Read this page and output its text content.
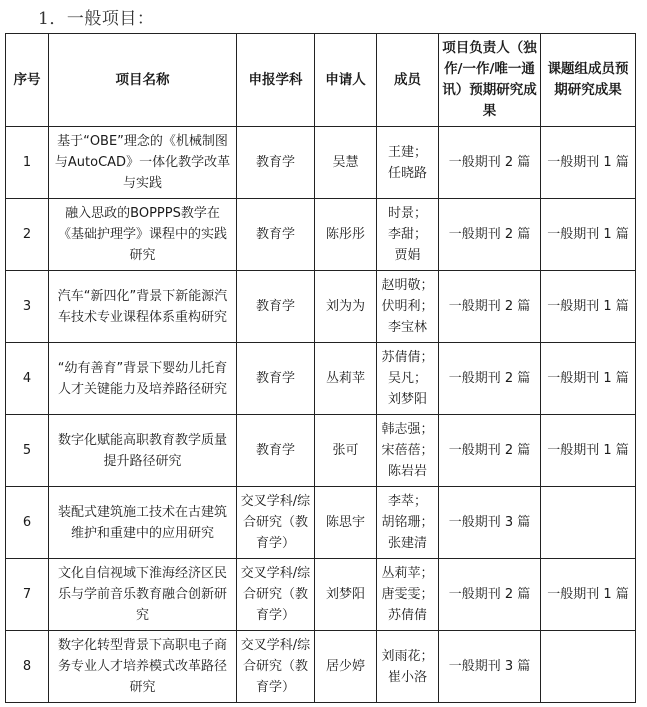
1．一般项目：
序号	项目名称	申报学科	申请人	成员	项目负责人（独作/一作/唯一通讯）预期研究成果	课题组成员预期研究成果
1	基于“OBE”理念的《机械制图与AutoCAD》一体化教学改革与实践	教育学	吴慧	王建；
任晓路	一般期刊 2 篇	一般期刊 1 篇
2	融入思政的BOPPPS教学在《基础护理学》课程中的实践研究	教育学	陈彤彤	时景；
李甜；
贾娟	一般期刊 2 篇	一般期刊 1 篇
3	汽车“新四化”背景下新能源汽车技术专业课程体系重构研究	教育学	刘为为	赵明敬；
伏明利；
李宝林	一般期刊 2 篇	一般期刊 1 篇
4	“幼有善育”背景下婴幼儿托育人才关键能力及培养路径研究	教育学	丛莉苹	苏倩倩；
吴凡；
刘梦阳	一般期刊 2 篇	一般期刊 1 篇
5	数字化赋能高职教育教学质量提升路径研究	教育学	张可	韩志强；
宋蓓蓓；
陈岩岩	一般期刊 2 篇	一般期刊 1 篇
6	装配式建筑施工技术在古建筑维护和重建中的应用研究	交叉学科/综合研究（教育学）	陈思宇	李萃；
胡铭珊；
张建清	一般期刊 3 篇	
7	文化自信视域下淮海经济区民乐与学前音乐教育融合创新研究	交叉学科/综合研究（教育学）	刘梦阳	丛莉苹；
唐雯雯；
苏倩倩	一般期刊 2 篇	一般期刊 1 篇
8	数字化转型背景下高职电子商务专业人才培养模式改革路径研究	交叉学科/综合研究（教育学）	居少婷	刘雨花；
崔小洛	一般期刊 3 篇	
